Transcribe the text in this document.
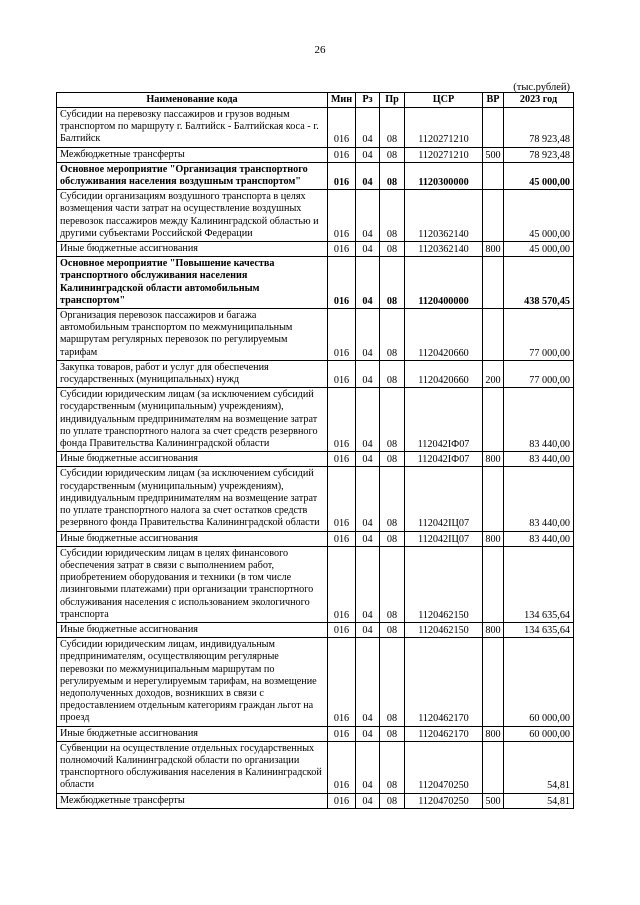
26
(тыс.рублей)
Наименование кода	Мин	Рз	Пр	ЦСР	ВР	2023 год
Субсидии на перевозку пассажиров и грузов водным транспортом по маршруту г. Балтийск - Балтийская коса - г. Балтийск	016	04	08	1120271210		78 923,48
Межбюджетные трансферты	016	04	08	1120271210	500	78 923,48
Основное мероприятие "Организация транспортного обслуживания населения воздушным транспортом"	016	04	08	1120300000		45 000,00
Субсидии организациям воздушного транспорта в целях возмещения части затрат на осуществление воздушных перевозок пассажиров между Калининградской областью и другими субъектами Российской Федерации	016	04	08	1120362140		45 000,00
Иные бюджетные ассигнования	016	04	08	1120362140	800	45 000,00
Основное мероприятие "Повышение качества транспортного обслуживания населения Калининградской области автомобильным транспортом"	016	04	08	1120400000		438 570,45
Организация перевозок пассажиров и багажа автомобильным транспортом по межмуниципальным маршрутам регулярных перевозок по регулируемым тарифам	016	04	08	1120420660		77 000,00
Закупка товаров, работ и услуг для обеспечения государственных (муниципальных) нужд	016	04	08	1120420660	200	77 000,00
Субсидии юридическим лицам (за исключением субсидий государственным (муниципальным) учреждениям), индивидуальным предпринимателям на возмещение затрат по уплате транспортного налога за счет средств резервного фонда Правительства Калининградской области	016	04	08	112042ІФ07		83 440,00
Иные бюджетные ассигнования	016	04	08	112042ІФ07	800	83 440,00
Субсидии юридическим лицам (за исключением субсидий государственным (муниципальным) учреждениям), индивидуальным предпринимателям на возмещение затрат по уплате транспортного налога за счет остатков средств резервного фонда Правительства Калининградской области	016	04	08	112042ІЦ07		83 440,00
Иные бюджетные ассигнования	016	04	08	112042ІЦ07	800	83 440,00
Субсидии юридическим лицам в целях финансового обеспечения затрат в связи с выполнением работ, приобретением оборудования и техники (в том числе лизинговыми платежами) при организации транспортного обслуживания населения с использованием экологичного транспорта	016	04	08	1120462150		134 635,64
Иные бюджетные ассигнования	016	04	08	1120462150	800	134 635,64
Субсидии юридическим лицам, индивидуальным предпринимателям, осуществляющим регулярные перевозки по межмуниципальным маршрутам по регулируемым и нерегулируемым тарифам, на возмещение недополученных доходов, возникших в связи с предоставлением отдельным категориям граждан льгот на проезд	016	04	08	1120462170		60 000,00
Иные бюджетные ассигнования	016	04	08	1120462170	800	60 000,00
Субвенции на осуществление отдельных государственных полномочий Калининградской области по организации транспортного обслуживания населения в Калининградской области	016	04	08	1120470250		54,81
Межбюджетные трансферты	016	04	08	1120470250	500	54,81
